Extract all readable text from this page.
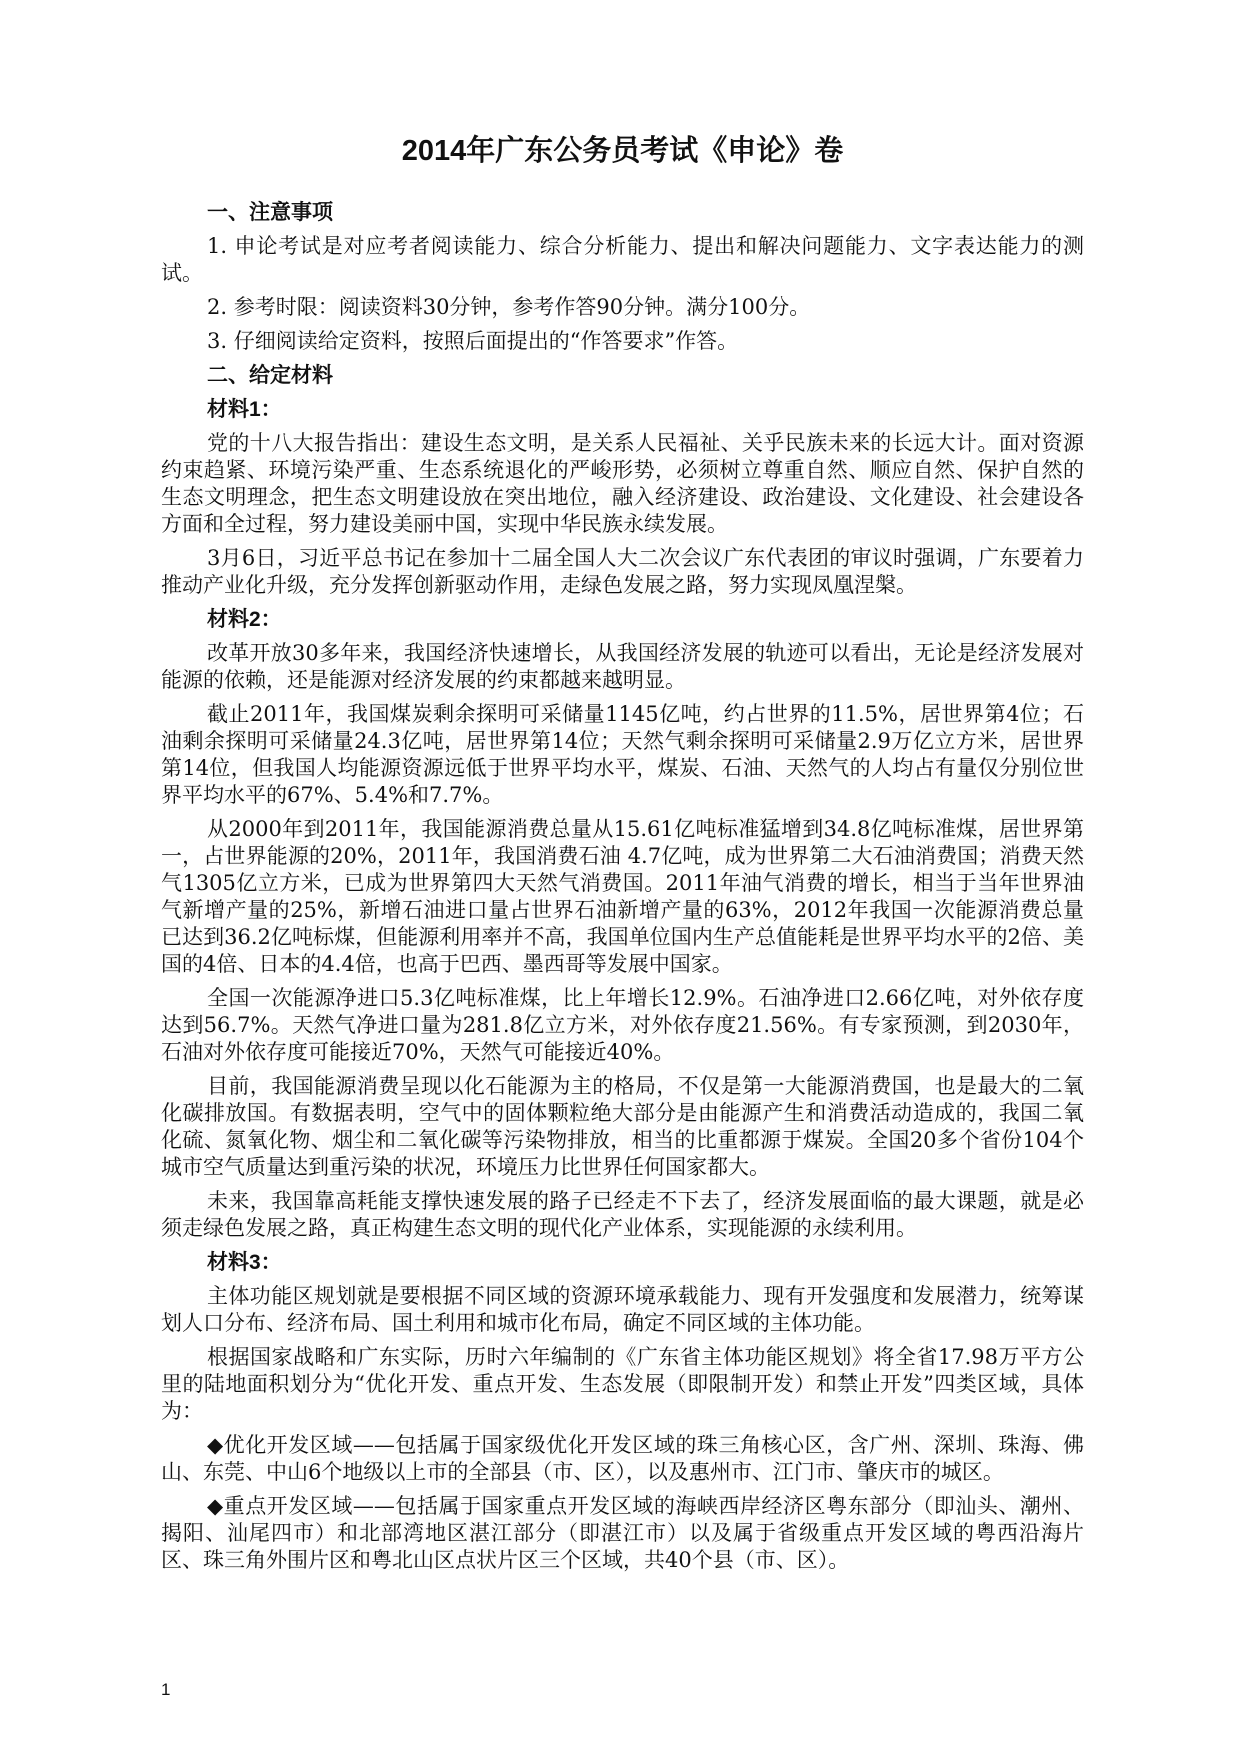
2014年广东公务员考试《申论》卷
一、注意事项

1. 申论考试是对应考者阅读能力、综合分析能力、提出和解决问题能力、文字表达能力的测试。

2. 参考时限：阅读资料30分钟，参考作答90分钟。满分100分。

3. 仔细阅读给定资料，按照后面提出的“作答要求”作答。

二、给定材料
材料1：

党的十八大报告指出：建设生态文明，是关系人民福祉、关乎民族未来的长远大计。面对资源约束趋紧、环境污染严重、生态系统退化的严峻形势，必须树立尊重自然、顺应自然、保护自然的生态文明理念，把生态文明建设放在突出地位，融入经济建设、政治建设、文化建设、社会建设各方面和全过程，努力建设美丽中国，实现中华民族永续发展。

3月6日，习近平总书记在参加十二届全国人大二次会议广东代表团的审议时强调，广东要着力推动产业化升级，充分发挥创新驱动作用，走绿色发展之路，努力实现凤凰涅槃。

材料2：

改革开放30多年来，我国经济快速增长，从我国经济发展的轨迹可以看出，无论是经济发展对能源的依赖，还是能源对经济发展的约束都越来越明显。

截止2011年，我国煤炭剩余探明可采储量1145亿吨，约占世界的11.5%，居世界第4位；石油剩余探明可采储量24.3亿吨，居世界第14位；天然气剩余探明可采储量2.9万亿立方米，居世界第14位，但我国人均能源资源远低于世界平均水平，煤炭、石油、天然气的人均占有量仅分别位世界平均水平的67%、5.4%和7.7%。

从2000年到2011年，我国能源消费总量从15.61亿吨标准猛增到34.8亿吨标准煤，居世界第一，占世界能源的20%，2011年，我国消费石油 4.7亿吨，成为世界第二大石油消费国；消费天然气1305亿立方米，已成为世界第四大天然气消费国。2011年油气消费的增长，相当于当年世界油气新增产量的25%，新增石油进口量占世界石油新增产量的63%，2012年我国一次能源消费总量已达到36.2亿吨标煤，但能源利用率并不高，我国单位国内生产总值能耗是世界平均水平的2倍、美国的4倍、日本的4.4倍，也高于巴西、墨西哥等发展中国家。

全国一次能源净进口5.3亿吨标准煤，比上年增长12.9%。石油净进口2.66亿吨，对外依存度达到56.7%。天然气净进口量为281.8亿立方米，对外依存度21.56%。有专家预测，到2030年，石油对外依存度可能接近70%，天然气可能接近40%。

目前，我国能源消费呈现以化石能源为主的格局，不仅是第一大能源消费国，也是最大的二氧化碳排放国。有数据表明，空气中的固体颗粒绝大部分是由能源产生和消费活动造成的，我国二氧化硫、氮氧化物、烟尘和二氧化碳等污染物排放，相当的比重都源于煤炭。全国20多个省份104个城市空气质量达到重污染的状况，环境压力比世界任何国家都大。

未来，我国靠高耗能支撑快速发展的路子已经走不下去了，经济发展面临的最大课题，就是必须走绿色发展之路，真正构建生态文明的现代化产业体系，实现能源的永续利用。

材料3：

主体功能区规划就是要根据不同区域的资源环境承载能力、现有开发强度和发展潜力，统筹谋划人口分布、经济布局、国土利用和城市化布局，确定不同区域的主体功能。

根据国家战略和广东实际，历时六年编制的《广东省主体功能区规划》将全省17.98万平方公里的陆地面积划分为“优化开发、重点开发、生态发展（即限制开发）和禁止开发”四类区域，具体为：

◆优化开发区域——包括属于国家级优化开发区域的珠三角核心区，含广州、深圳、珠海、佛山、东莞、中山6个地级以上市的全部县（市、区），以及惠州市、江门市、肇庆市的城区。

◆重点开发区域——包括属于国家重点开发区域的海峡西岸经济区粤东部分（即汕头、潮州、揭阳、汕尾四市）和北部湾地区湛江部分（即湛江市）以及属于省级重点开发区域的粤西沿海片区、珠三角外围片区和粤北山区点状片区三个区域，共40个县（市、区）。

1
